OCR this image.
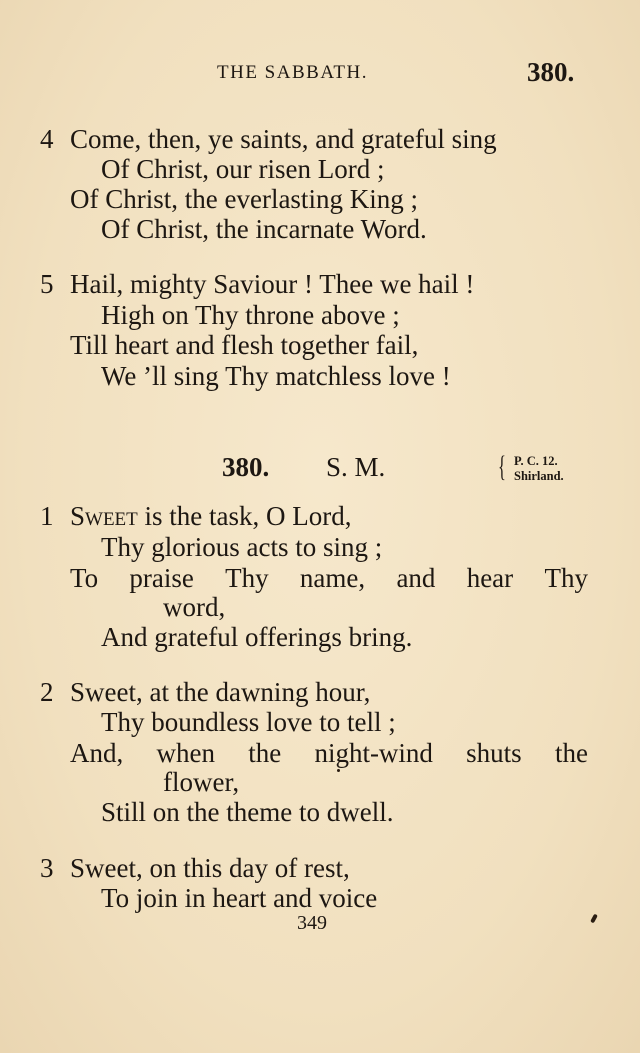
THE SABBATH.	380.
4 Come, then, ye saints, and grateful sing
Of Christ, our risen Lord ;
Of Christ, the everlasting King ;
Of Christ, the incarnate Word.
5 Hail, mighty Saviour ! Thee we hail !
High on Thy throne above ;
Till heart and flesh together fail,
We ’ll sing Thy matchless love !
380. S. M.	{ P. C. 12.
Shirland.
1 Sweet is the task, O Lord,
Thy glorious acts to sing ;
To praise Thy name, and hear Thy
word,
And grateful offerings bring.
2 Sweet, at the dawning hour,
Thy boundless love to tell ;
And, when the night-wind shuts the
flower,
Still on the theme to dwell.
3 Sweet, on this day of rest,
To join in heart and voice
349
